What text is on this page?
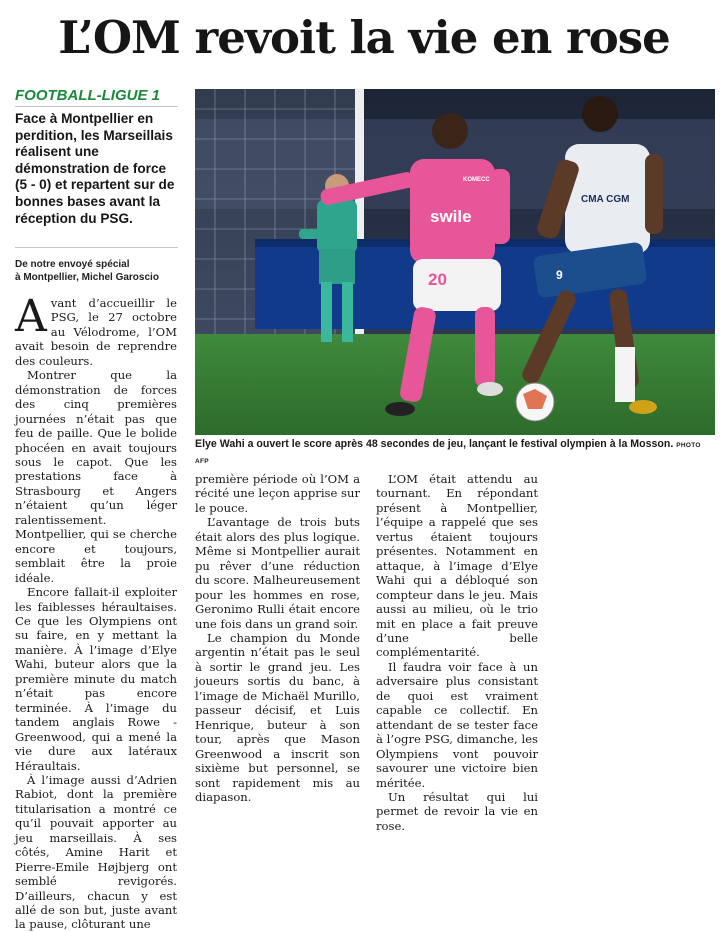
L’OM revoit la vie en rose
FOOTBALL-LIGUE 1
Face à Montpellier en perdition, les Marseillais réalisent une démonstration de force (5 - 0) et repartent sur de bonnes bases avant la réception du PSG.
De notre envoyé spécial
à Montpellier, Michel Garoscio	20
swile
KOMECC
CMA CGM
9
Elye Wahi a ouvert le score après 48 secondes de jeu, lançant le festival olympien à la Mosson. PHOTO AFP

Avant d’accueillir le PSG, le 27 octobre au Vélodrome, l’OM avait besoin de reprendre des couleurs.

Montrer que la démonstration de forces des cinq premières journées n’était pas que feu de paille. Que le bolide phocéen en avait toujours sous le capot. Que les prestations face à Strasbourg et Angers n’étaient qu’un léger ralentissement. Montpellier, qui se cherche encore et toujours, semblait être la proie idéale.

Encore fallait-il exploiter les faiblesses héraultaises. Ce que les Olympiens ont su faire, en y mettant la manière. À l’image d’Elye Wahi, buteur alors que la première minute du match n’était pas encore terminée. À l’image du tandem anglais Rowe - Greenwood, qui a mené la vie dure aux latéraux Héraultais.

À l’image aussi d’Adrien Rabiot, dont la première titularisation a montré ce qu’il pouvait apporter au jeu marseillais. À ses côtés, Amine Harit et Pierre-Emile Højbjerg ont semblé revigorés. D’ailleurs, chacun y est allé de son but, juste avant la pause, clôturant une

première période où l’OM a récité une leçon apprise sur le pouce.

L’avantage de trois buts était alors des plus logique. Même si Montpellier aurait pu rêver d’une réduction du score. Malheureusement pour les hommes en rose, Geronimo Rulli était encore une fois dans un grand soir.

Le champion du Monde argentin n’était pas le seul à sortir le grand jeu. Les joueurs sortis du banc, à l’image de Michaël Murillo, passeur décisif, et Luis Henrique, buteur à son tour, après que Mason Greenwood a inscrit son sixième but personnel, se sont rapidement mis au diapason.

L’OM était attendu au tournant. En répondant présent à Montpellier, l’équipe a rappelé que ses vertus étaient toujours présentes. Notamment en attaque, à l’image d’Elye Wahi qui a débloqué son compteur dans le jeu. Mais aussi au milieu, où le trio mit en place a fait preuve d’une belle complémentarité.

Il faudra voir face à un adversaire plus consistant de quoi est vraiment capable ce collectif. En attendant de se tester face à l’ogre PSG, dimanche, les Olympiens vont pouvoir savourer une victoire bien méritée.

Un résultat qui lui permet de revoir la vie en rose.
